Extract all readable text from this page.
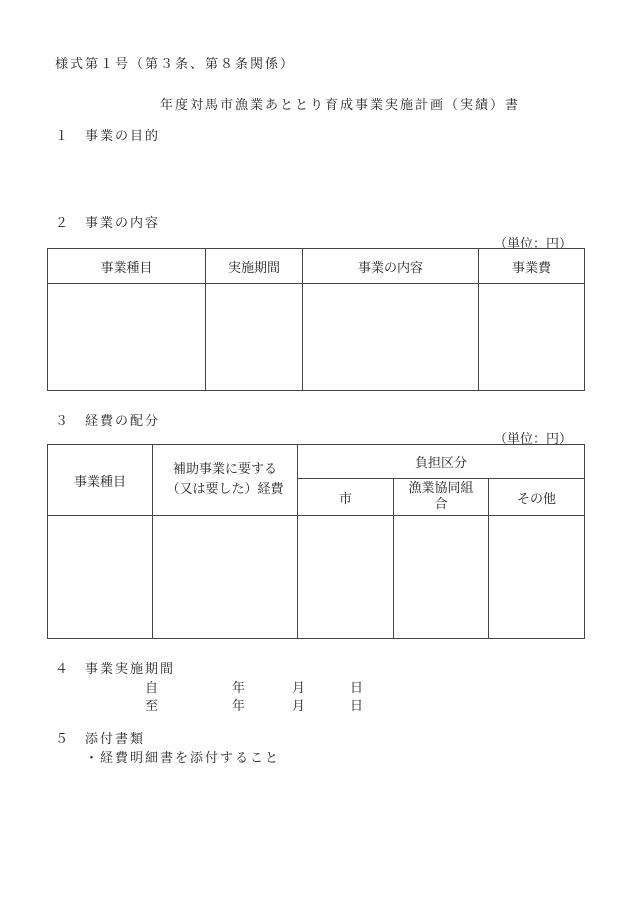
様式第１号（第３条、第８条関係）
年度対馬市漁業あととり育成事業実施計画（実績）書
１　事業の目的
２　事業の内容
（単位：円）
事業種目	実施期間	事業の内容	事業費

３　経費の配分
（単位：円）
事業種目	補助事業に要する（又は要した）経費	負担区分		
		市	漁業協同組合	その他

４　事業実施期間
自	年	月	日
至	年	月	日
５　添付書類
・経費明細書を添付すること
